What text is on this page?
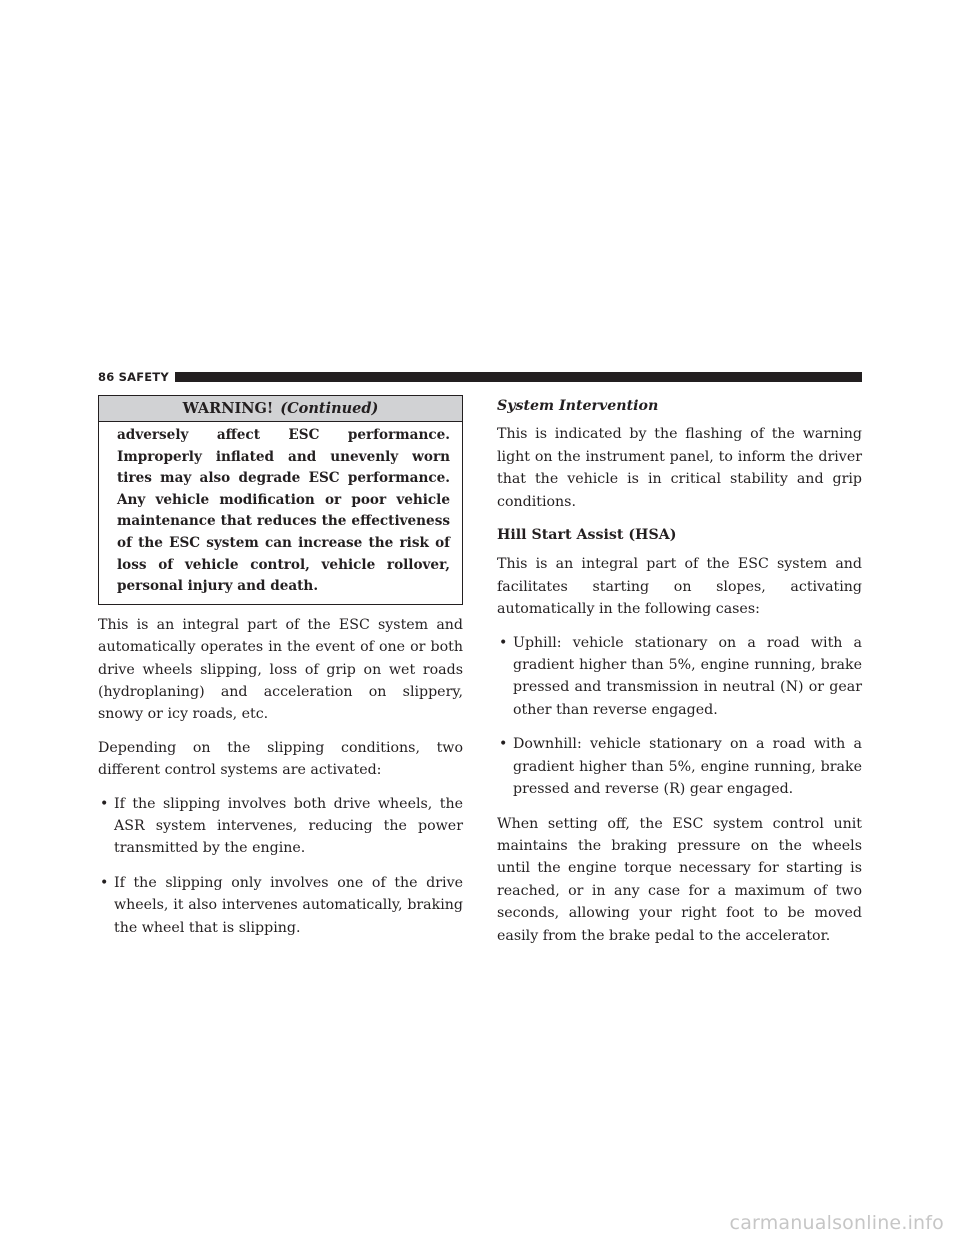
86 SAFETY
WARNING! (Continued)
adversely affect ESC performance. Improperly inflated and unevenly worn tires may also degrade ESC performance. Any vehicle modification or poor vehicle maintenance that reduces the effectiveness of the ESC system can increase the risk of loss of vehicle control, vehicle rollover, personal injury and death.

This is an integral part of the ESC system and automatically operates in the event of one or both drive wheels slipping, loss of grip on wet roads (hydroplaning) and acceleration on slippery, snowy or icy roads, etc.

Depending on the slipping conditions, two different control systems are activated:

• If the slipping involves both drive wheels, the ASR system intervenes, reducing the power transmitted by the engine.
• If the slipping only involves one of the drive wheels, it also intervenes automatically, braking the wheel that is slipping.
System Intervention

This is indicated by the flashing of the warning light on the instrument panel, to inform the driver that the vehicle is in critical stability and grip conditions.

Hill Start Assist (HSA)

This is an integral part of the ESC system and facilitates starting on slopes, activating automatically in the following cases:

• Uphill: vehicle stationary on a road with a gradient higher than 5%, engine running, brake pressed and transmission in neutral (N) or gear other than reverse engaged.
• Downhill: vehicle stationary on a road with a gradient higher than 5%, engine running, brake pressed and reverse (R) gear engaged.

When setting off, the ESC system control unit maintains the braking pressure on the wheels until the engine torque necessary for starting is reached, or in any case for a maximum of two seconds, allowing your right foot to be moved easily from the brake pedal to the accelerator.

carmanualsonline.info
